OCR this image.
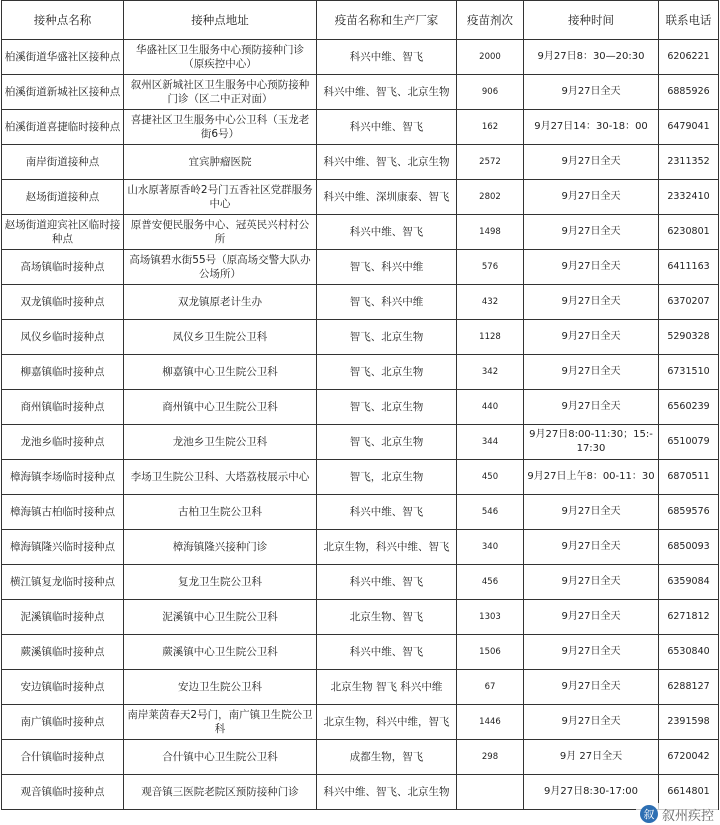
接种点名称	接种点地址	疫苗名称和生产厂家	疫苗剂次	接种时间	联系电话
柏溪街道华盛社区接种点	华盛社区卫生服务中心预防接种门诊（原疾控中心）	科兴中维、智飞	2000	9月27日8：30—20:30	6206221
柏溪街道新城社区接种点	叙州区新城社区卫生服务中心预防接种门诊（区二中正对面）	科兴中维、智飞、北京生物	906	9月27日全天	6885926
柏溪街道喜捷临时接种点	喜捷社区卫生服务中心公卫科（玉龙老街6号）	科兴中维、智飞	162	9月27日14：30-18：00	6479041
南岸街道接种点	宜宾肿瘤医院	科兴中维、智飞、北京生物	2572	9月27日全天	2311352
赵场街道接种点	山水原著原香岭2号门五香社区党群服务中心	科兴中维、深圳康泰、智飞	2802	9月27日全天	2332410
赵场街道迎宾社区临时接种点	原普安便民服务中心、冠英民兴村村公所	科兴中维、智飞	1498	9月27日全天	6230801
高场镇临时接种点	高场镇碧水街55号（原高场交警大队办公场所）	智飞、科兴中维	576	9月27日全天	6411163
双龙镇临时接种点	双龙镇原老计生办	智飞、科兴中维	432	9月27日全天	6370207
凤仪乡临时接种点	凤仪乡卫生院公卫科	智飞、北京生物	1128	9月27日全天	5290328
柳嘉镇临时接种点	柳嘉镇中心卫生院公卫科	智飞、北京生物	342	9月27日全天	6731510
商州镇临时接种点	商州镇中心卫生院公卫科	智飞、北京生物	440	9月27日全天	6560239
龙池乡临时接种点	龙池乡卫生院公卫科	智飞、北京生物	344	9月27日8:00-11:30；15:-17:30	6510079
樟海镇李场临时接种点	李场卫生院公卫科、大塔荔枝展示中心	智飞，北京生物	450	9月27日上午8：00-11：30	6870511
樟海镇古柏临时接种点	古柏卫生院公卫科	科兴中维、智飞	546	9月27日全天	6859576
樟海镇隆兴临时接种点	樟海镇隆兴接种门诊	北京生物，科兴中维、智飞	340	9月27日全天	6850093
横江镇复龙临时接种点	复龙卫生院公卫科	科兴中维、智飞	456	9月27日全天	6359084
泥溪镇临时接种点	泥溪镇中心卫生院公卫科	北京生物、智飞	1303	9月27日全天	6271812
蕨溪镇临时接种点	蕨溪镇中心卫生院公卫科	科兴中维、智飞	1506	9月27日全天	6530840
安边镇临时接种点	安边卫生院公卫科	北京生物 智飞 科兴中维	67	9月27日全天	6288127
南广镇临时接种点	南岸莱茵春天2号门，南广镇卫生院公卫科	北京生物，科兴中维，智飞	1446	9月27日全天	2391598
合什镇临时接种点	合什镇中心卫生院公卫科	成都生物，智飞	298	9月 27日全天	6720042
观音镇临时接种点	观音镇三医院老院区预防接种门诊	科兴中维、智飞、北京生物		9月27日8:30-17:00	6614801
叙 叙州疾控
